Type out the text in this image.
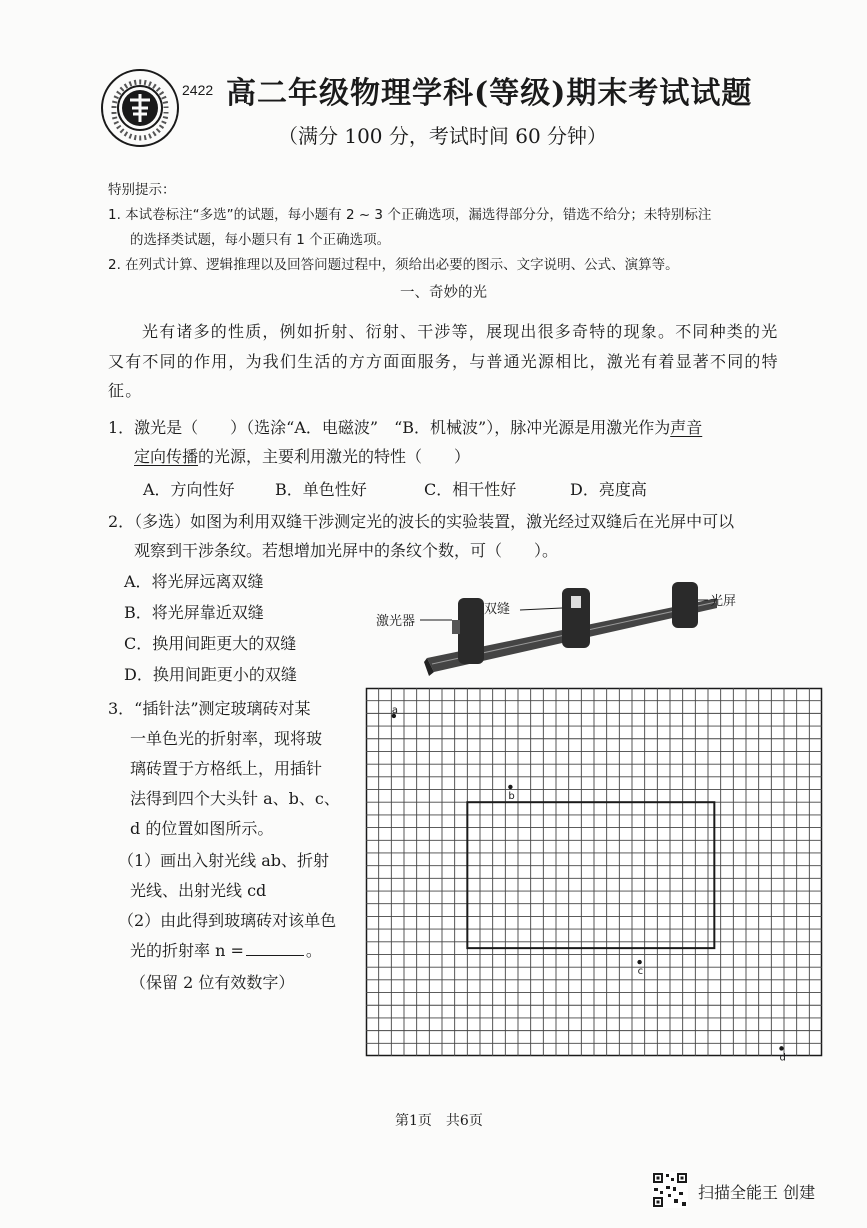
2422 高二年级物理学科(等级)期末考试试题
（满分 100 分，考试时间 60 分钟）
特别提示：
1. 本试卷标注“多选”的试题，每小题有 2 ~ 3 个正确选项，漏选得部分分，错选不给分；未特别标注
的选择类试题，每小题只有 1 个正确选项。
2. 在列式计算、逻辑推理以及回答问题过程中，须给出必要的图示、文字说明、公式、演算等。
一、奇妙的光
光有诸多的性质，例如折射、衍射、干涉等，展现出很多奇特的现象。不同种类的光
又有不同的作用，为我们生活的方方面面服务，与普通光源相比，激光有着显著不同的特
征。
1．激光是（　　）（选涂“A．电磁波”　“B．机械波”），脉冲光源是用激光作为声音
定向传播的光源，主要利用激光的特性（　　）
A．方向性好	B．单色性好	C．相干性好	D．亮度高
2．（多选）如图为利用双缝干涉测定光的波长的实验装置，激光经过双缝后在光屏中可以
观察到干涉条纹。若想增加光屏中的条纹个数，可（　　）。
A．将光屏远离双缝
B．将光屏靠近双缝
C．换用间距更大的双缝
D．换用间距更小的双缝
激光器
双缝
光屏
3．“插针法”测定玻璃砖对某
一单色光的折射率，现将玻
璃砖置于方格纸上，用插针
法得到四个大头针 a、b、c、
d 的位置如图所示。
（1）画出入射光线 ab、折射
光线、出射光线 cd
（2）由此得到玻璃砖对该单色
光的折射率 n =	。
（保留 2 位有效数字）
a
b
c
d
第1页　共6页
扫描全能王 创建
